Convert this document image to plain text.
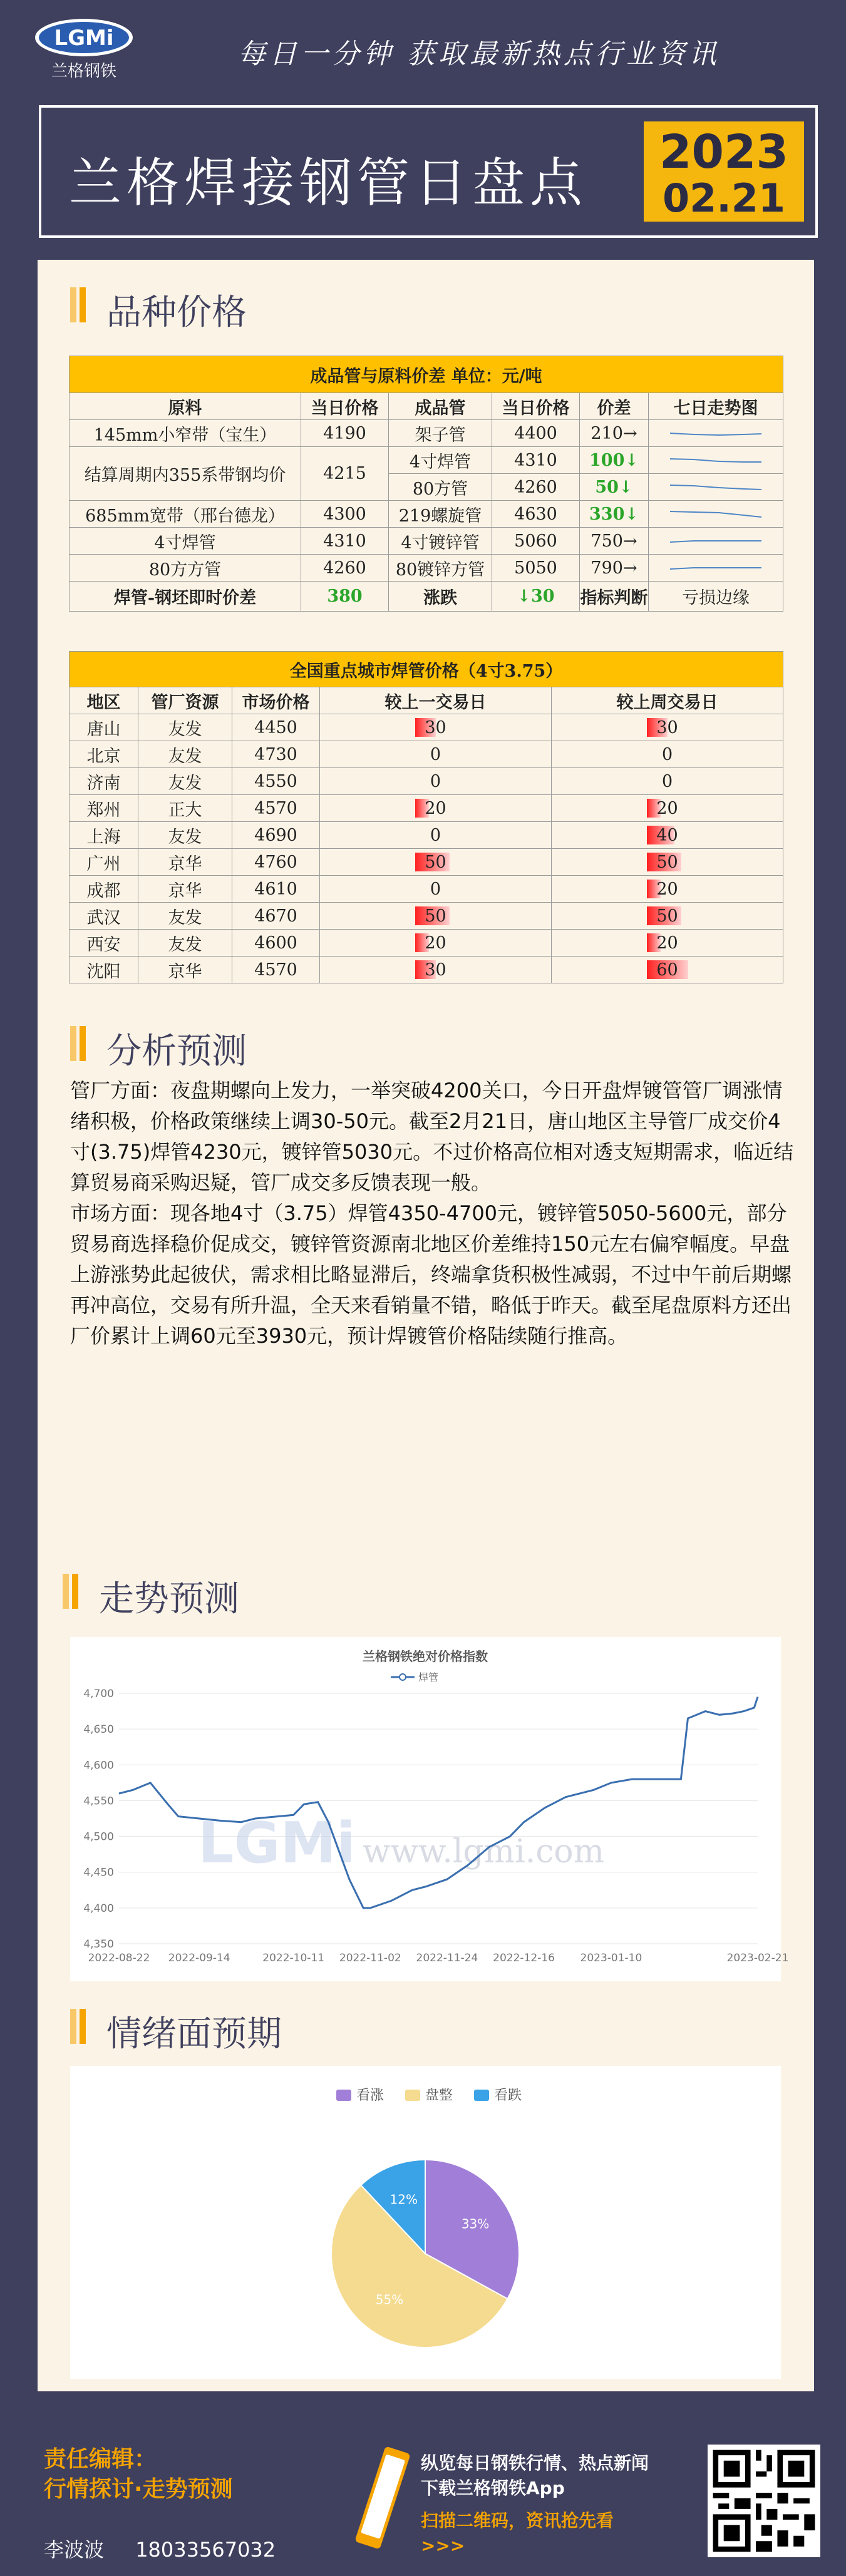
LGMi
兰格钢铁
每日一分钟 获取最新热点行业资讯
兰格焊接钢管日盘点	2023
02.21
品种价格
成品管与原料价差 单位：元/吨					
原料	当日价格	成品管	当日价格	价差	七日走势图
145mm小窄带（宝生）	4190	架子管	4400	210→	

结算周期内355系带钢均价	4215	4寸焊管	4310	100↓	

		80方管	4260	50↓	

685mm宽带（邢台德龙）	4300	219螺旋管	4630	330↓	

4寸焊管	4310	4寸镀锌管	5060	750→	

80方方管	4260	80镀锌方管	5050	790→	

焊管-钢坯即时价差	380	涨跌	↓30	指标判断	亏损边缘
全国重点城市焊管价格（4寸3.75）				
地区	管厂资源	市场价格	较上一交易日	较上周交易日
唐山	友发	4450	30	30
北京	友发	4730	0	0
济南	友发	4550	0	0
郑州	正大	4570	20	20
上海	友发	4690	0	40
广州	京华	4760	50	50
成都	京华	4610	0	20
武汉	友发	4670	50	50
西安	友发	4600	20	20
沈阳	京华	4570	30	60
分析预测

管厂方面：夜盘期螺向上发力，一举突破4200关口，今日开盘焊镀管管厂调涨情绪积极，价格政策继续上调30-50元。截至2月21日，唐山地区主导管厂成交价4寸(3.75)焊管4230元，镀锌管5030元。不过价格高位相对透支短期需求，临近结算贸易商采购迟疑，管厂成交多反馈表现一般。

市场方面：现各地4寸（3.75）焊管4350-4700元，镀锌管5050-5600元，部分贸易商选择稳价促成交，镀锌管资源南北地区价差维持150元左右偏窄幅度。早盘上游涨势此起彼伏，需求相比略显滞后，终端拿货积极性减弱，不过中午前后期螺再冲高位，交易有所升温，全天来看销量不错，略低于昨天。截至尾盘原料方还出厂价累计上调60元至3930元，预计焊镀管价格陆续随行推高。

走势预测
兰格钢铁绝对价格指数
焊管
4,700
4,650
4,600
4,550
4,500
4,450
4,400
4,350
2022-08-22 2022-09-14	2022-10-11 2022-11-02 2022-11-24 2022-12-16 2023-01-10	2023-02-21
www.lgmi.com
LGMi
情绪面预期
看涨	盘整	看跌
33%
55%
12%
责任编辑：
行情探讨·走势预测
李波波 18033567032
纵览每日钢铁行情、热点新闻
下载兰格钢铁App
扫描二维码，资讯抢先看
>>>
